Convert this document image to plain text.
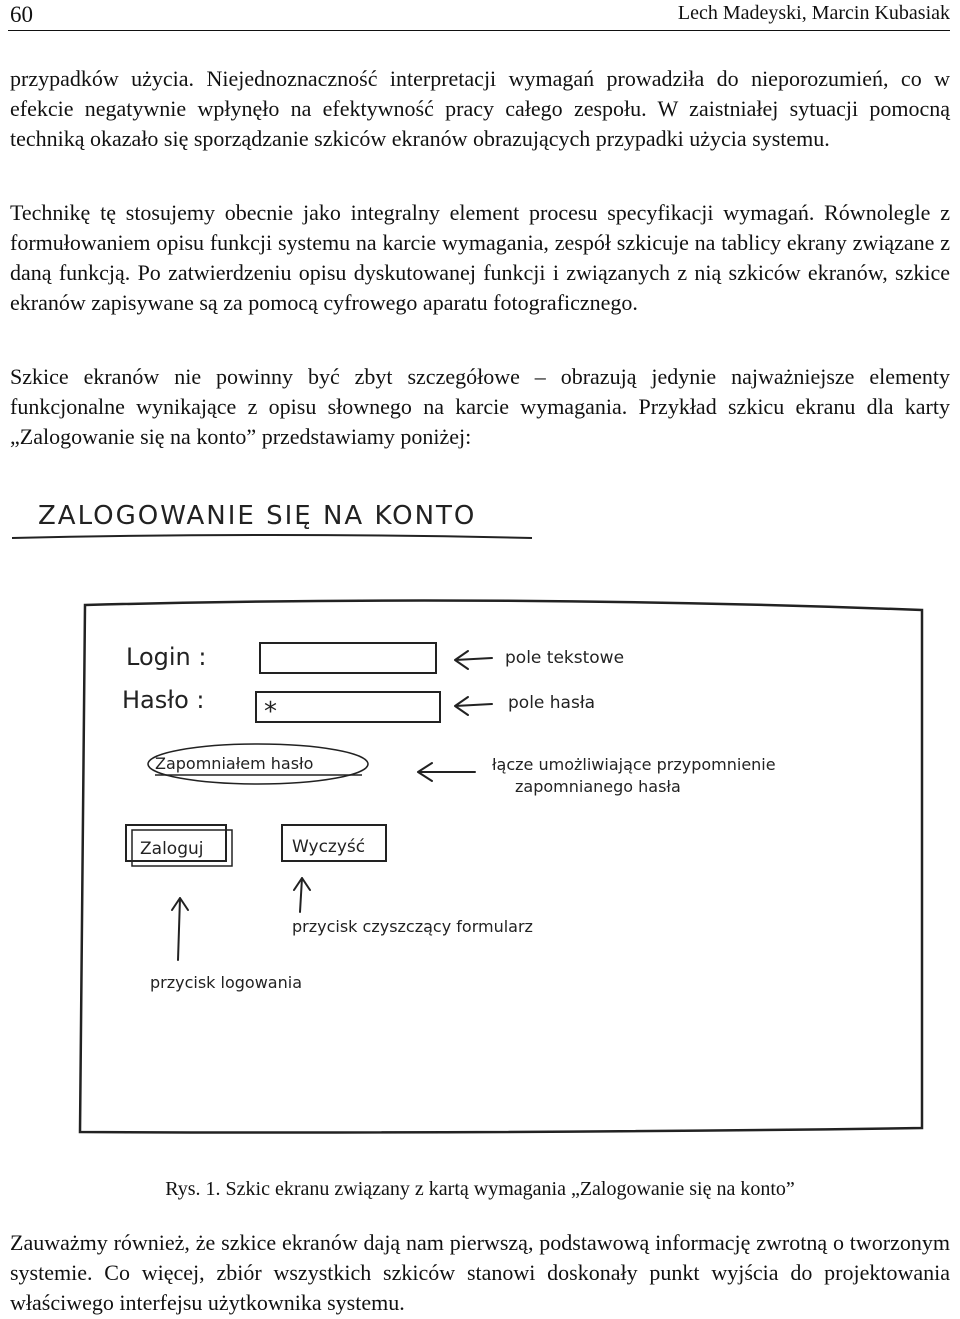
60	Lech Madeyski, Marcin Kubasiak

przypadków użycia. Niejednoznaczność interpretacji wymagań prowadziła do nieporozumień, co w efekcie negatywnie wpłynęło na efektywność pracy całego zespołu. W zaistniałej sytuacji pomocną techniką okazało się sporządzanie szkiców ekranów obrazujących przypadki użycia systemu.

Technikę tę stosujemy obecnie jako integralny element procesu specyfikacji wymagań. Równolegle z formułowaniem opisu funkcji systemu na karcie wymagania, zespół szkicuje na tablicy ekrany związane z daną funkcją. Po zatwierdzeniu opisu dyskutowanej funkcji i związanych z nią szkiców ekranów, szkice ekranów zapisywane są za pomocą cyfrowego aparatu fotograficznego.

Szkice ekranów nie powinny być zbyt szczegółowe – obrazują jedynie najważniejsze elementy funkcjonalne wynikające z opisu słownego na karcie wymagania. Przykład szkicu ekranu dla karty „Zalogowanie się na konto” przedstawiamy poniżej:

ZALOGOWANIE SIĘ NA KONTO
Login :	pole tekstowe
Hasło : *	pole hasła
Zapomniałem hasło	łącze umożliwiające przypomnienie
zapomnianego hasła
Zaloguj	Wyczyść
przycisk czyszczący formularz
przycisk logowania
Rys. 1. Szkic ekranu związany z kartą wymagania „Zalogowanie się na konto”

Zauważmy również, że szkice ekranów dają nam pierwszą, podstawową informację zwrotną o tworzonym systemie. Co więcej, zbiór wszystkich szkiców stanowi doskonały punkt wyjścia do projektowania właściwego interfejsu użytkownika systemu.
